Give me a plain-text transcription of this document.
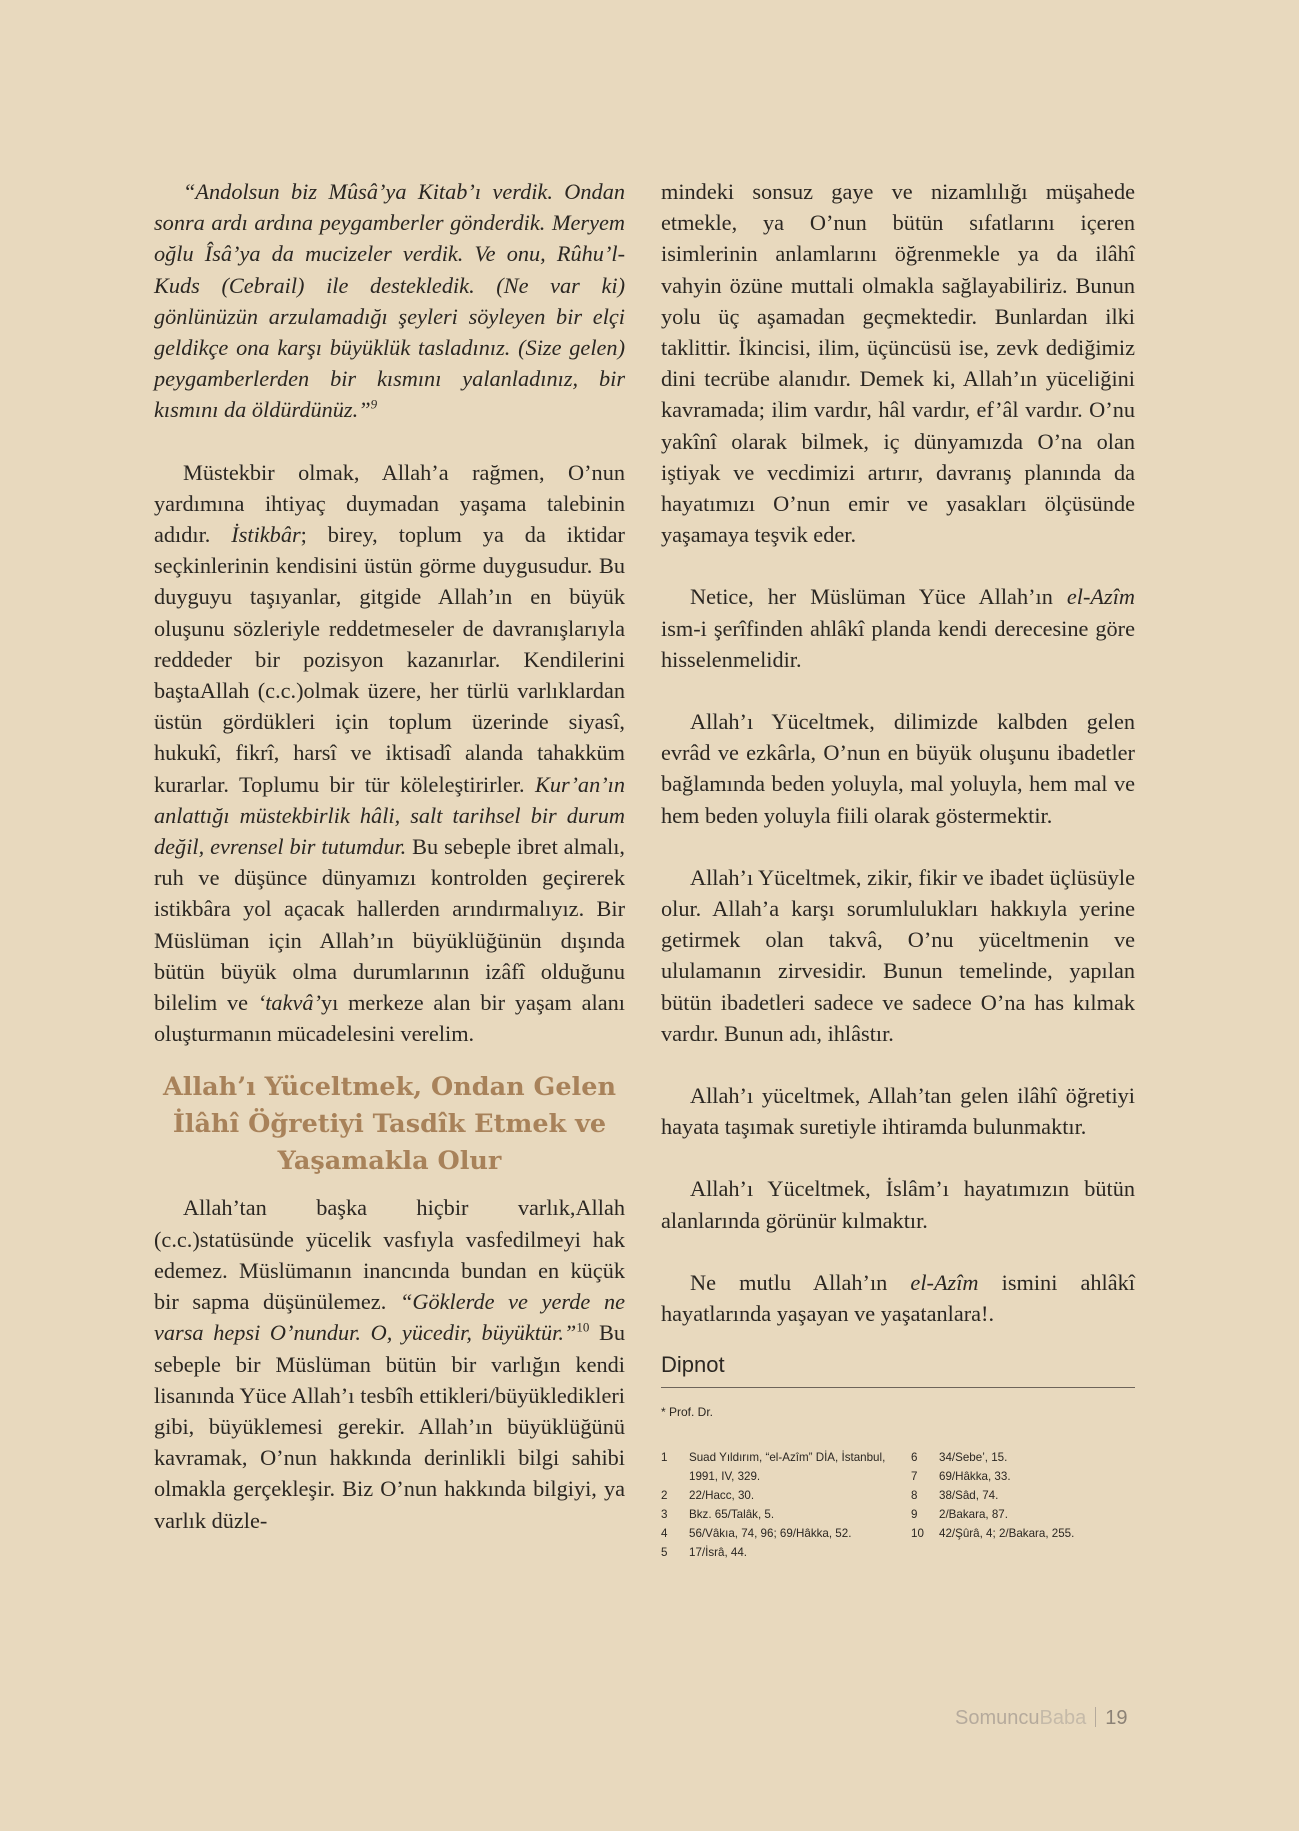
“Andolsun biz Mûsâ’ya Kitab’ı verdik. Ondan sonra ardı ardına peygamberler gönderdik. Meryem oğlu Îsâ’ya da mucizeler verdik. Ve onu, Rûhu’l-Kuds (Cebrail) ile destekledik. (Ne var ki) gönlünüzün arzulamadığı şeyleri söyleyen bir elçi geldikçe ona karşı büyüklük tasladınız. (Size gelen) peygamberlerden bir kısmını yalanladınız, bir kısmını da öldürdünüz.”$^9$

Müstekbir olmak, Allah’a rağmen, O’nun yardımına ihtiyaç duymadan yaşama talebinin adıdır. İstikbâr; birey, toplum ya da iktidar seçkinlerinin kendisini üstün görme duygusudur. Bu duyguyu taşıyanlar, gitgide Allah’ın en büyük oluşunu sözleriyle reddetmeseler de davranışlarıyla reddeder bir pozisyon kazanırlar. Kendilerini baştaAllah (c.c.)olmak üzere, her türlü varlıklardan üstün gördükleri için toplum üzerinde siyasî, hukukî, fikrî, harsî ve iktisadî alanda tahakküm kurarlar. Toplumu bir tür köleleştirirler. Kur’an’ın anlattığı müstekbirlik hâli, salt tarihsel bir durum değil, evrensel bir tutumdur. Bu sebeple ibret almalı, ruh ve düşünce dünyamızı kontrolden geçirerek istikbâra yol açacak hallerden arındırmalıyız. Bir Müslüman için Allah’ın büyüklüğünün dışında bütün büyük olma durumlarının izâfî olduğunu bilelim ve ‘takvâ’yı merkeze alan bir yaşam alanı oluşturmanın mücadelesini verelim.

Allah’ı Yüceltmek, Ondan Gelen İlâhî Öğretiyi Tasdîk Etmek ve Yaşamakla Olur

Allah’tan başka hiçbir varlık,Allah (c.c.)statüsünde yücelik vasfıyla vasfedilmeyi hak edemez. Müslümanın inancında bundan en küçük bir sapma düşünülemez. “Göklerde ve yerde ne varsa hepsi O’nundur. O, yücedir, büyüktür.”$^{10}$ Bu sebeple bir Müslüman bütün bir varlığın kendi lisanında Yüce Allah’ı tesbîh ettikleri/büyükledikleri gibi, büyüklemesi gerekir. Allah’ın büyüklüğünü kavramak, O’nun hakkında derinlikli bilgi sahibi olmakla gerçekleşir. Biz O’nun hakkında bilgiyi, ya varlık düzle-

mindeki sonsuz gaye ve nizamlılığı müşahede etmekle, ya O’nun bütün sıfatlarını içeren isimlerinin anlamlarını öğrenmekle ya da ilâhî vahyin özüne muttali olmakla sağlayabiliriz. Bunun yolu üç aşamadan geçmektedir. Bunlardan ilki taklittir. İkincisi, ilim, üçüncüsü ise, zevk dediğimiz dini tecrübe alanıdır. Demek ki, Allah’ın yüceliğini kavramada; ilim vardır, hâl vardır, ef’âl vardır. O’nu yakînî olarak bilmek, iç dünyamızda O’na olan iştiyak ve vecdimizi artırır, davranış planında da hayatımızı O’nun emir ve yasakları ölçüsünde yaşamaya teşvik eder.

Netice, her Müslüman Yüce Allah’ın el-Azîm ism-i şerîfinden ahlâkî planda kendi derecesine göre hisselenmelidir.

Allah’ı Yüceltmek, dilimizde kalbden gelen evrâd ve ezkârla, O’nun en büyük oluşunu ibadetler bağlamında beden yoluyla, mal yoluyla, hem mal ve hem beden yoluyla fiili olarak göstermektir.

Allah’ı Yüceltmek, zikir, fikir ve ibadet üçlüsüyle olur. Allah’a karşı sorumlulukları hakkıyla yerine getirmek olan takvâ, O’nu yüceltmenin ve ululamanın zirvesidir. Bunun temelinde, yapılan bütün ibadetleri sadece ve sadece O’na has kılmak vardır. Bunun adı, ihlâstır.

Allah’ı yüceltmek, Allah’tan gelen ilâhî öğretiyi hayata taşımak suretiyle ihtiramda bulunmaktır.

Allah’ı Yüceltmek, İslâm’ı hayatımızın bütün alanlarında görünür kılmaktır.

Ne mutlu Allah’ın el-Azîm ismini ahlâkî hayatlarında yaşayan ve yaşatanlara!.

Dipnot
* Prof. Dr.
1	Suad Yıldırım, “el-Azîm” DİA, İstanbul, 1991, IV, 329.
2	22/Hacc, 30.
3	Bkz. 65/Talâk, 5.
4	56/Vâkıa, 74, 96; 69/Hâkka, 52.
5	17/İsrâ, 44.
6	34/Sebe’, 15.
7	69/Hâkka, 33.
8	38/Sâd, 74.
9	2/Bakara, 87.
10	42/Şûrâ, 4; 2/Bakara, 255.
SomuncuBaba 19
